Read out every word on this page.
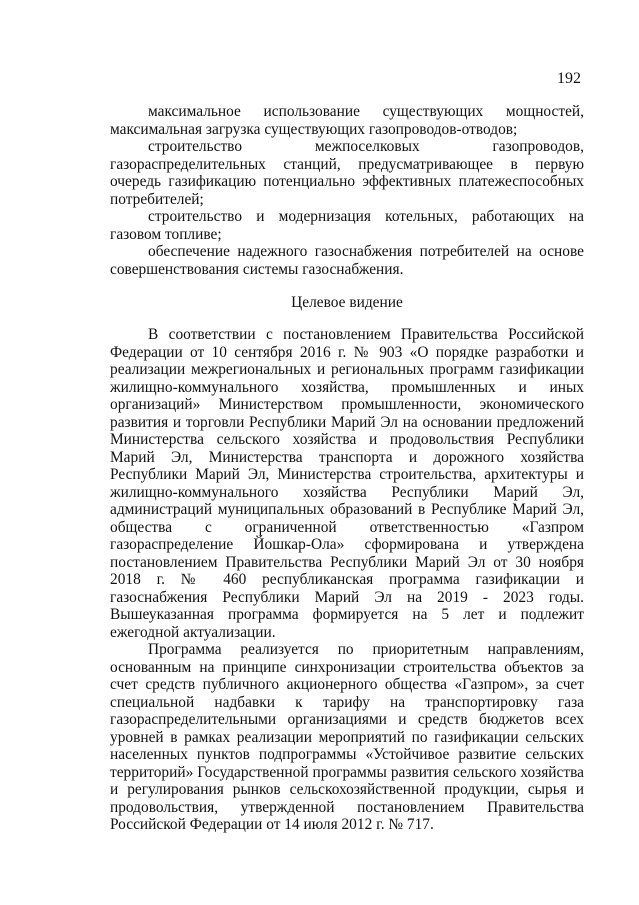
192

максимальное использование существующих мощностей, максимальная загрузка существующих газопроводов-отводов;

строительство межпоселковых газопроводов, газораспределительных станций, предусматривающее в первую очередь газификацию потенциально эффективных платежеспособных потребителей;

строительство и модернизация котельных, работающих на газовом топливе;

обеспечение надежного газоснабжения потребителей на основе совершенствования системы газоснабжения.

Целевое видение

В соответствии с постановлением Правительства Российской Федерации от 10 сентября 2016 г. № 903 «О порядке разработки и реализации межрегиональных и региональных программ газификации жилищно-коммунального хозяйства, промышленных и иных организаций» Министерством промышленности, экономического развития и торговли Республики Марий Эл на основании предложений Министерства сельского хозяйства и продовольствия Республики Марий Эл, Министерства транспорта и дорожного хозяйства Республики Марий Эл, Министерства строительства, архитектуры и жилищно-коммунального хозяйства Республики Марий Эл, администраций муниципальных образований в Республике Марий Эл, общества с ограниченной ответственностью «Газпром газораспределение Йошкар-Ола» сформирована и утверждена постановлением Правительства Республики Марий Эл от 30 ноября 2018 г. № 460 республиканская программа газификации и газоснабжения Республики Марий Эл на 2019 - 2023 годы. Вышеуказанная программа формируется на 5 лет и подлежит ежегодной актуализации.

Программа реализуется по приоритетным направлениям, основанным на принципе синхронизации строительства объектов за счет средств публичного акционерного общества «Газпром», за счет специальной надбавки к тарифу на транспортировку газа газораспределительными организациями и средств бюджетов всех уровней в рамках реализации мероприятий по газификации сельских населенных пунктов подпрограммы «Устойчивое развитие сельских территорий» Государственной программы развития сельского хозяйства и регулирования рынков сельскохозяйственной продукции, сырья и продовольствия, утвержденной постановлением Правительства Российской Федерации от 14 июля 2012 г. № 717.
